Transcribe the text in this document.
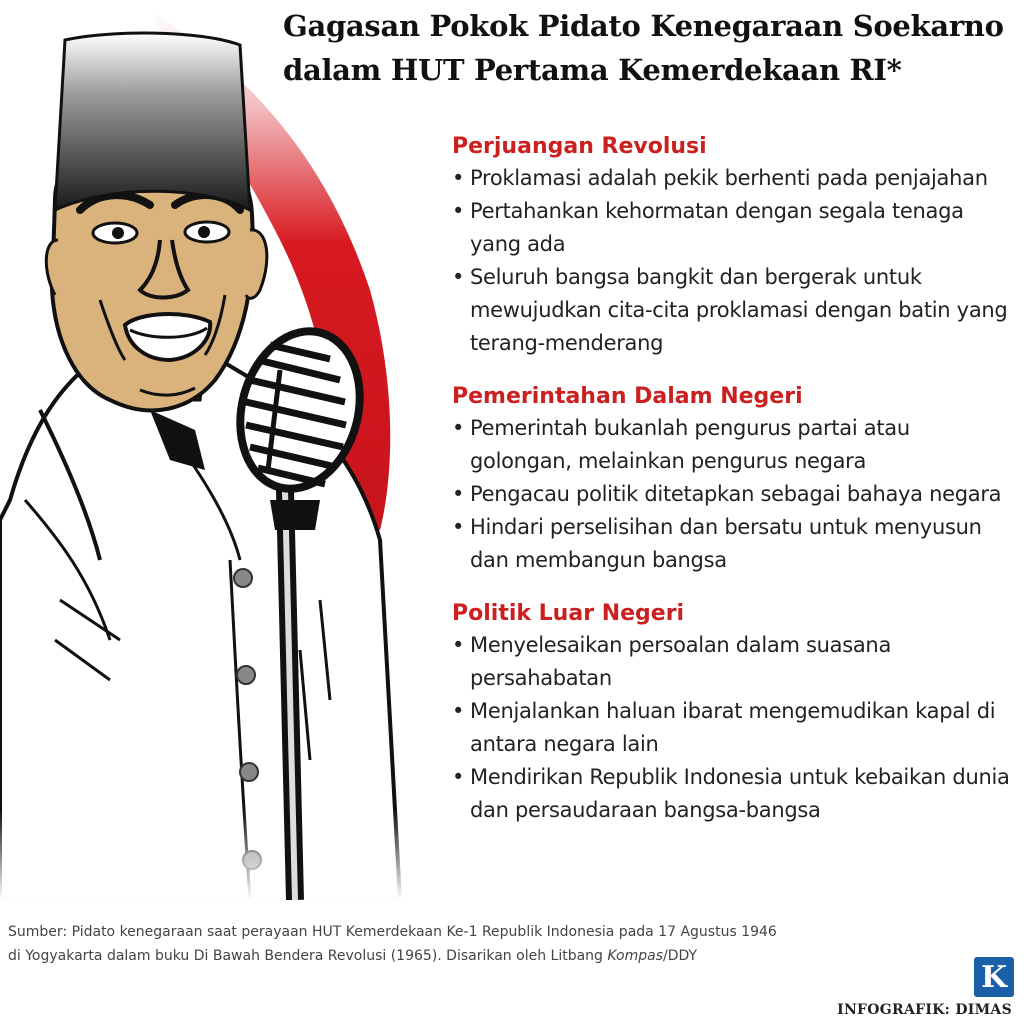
Gagasan Pokok Pidato Kenegaraan Soekarno
dalam HUT Pertama Kemerdekaan RI*
Perjuangan Revolusi
• Proklamasi adalah pekik berhenti pada penjajahan
• Pertahankan kehormatan dengan segala tenaga yang ada
• Seluruh bangsa bangkit dan bergerak untuk mewujudkan cita-cita proklamasi dengan batin yang terang-menderang
Pemerintahan Dalam Negeri
• Pemerintah bukanlah pengurus partai atau golongan, melainkan pengurus negara
• Pengacau politik ditetapkan sebagai bahaya negara
• Hindari perselisihan dan bersatu untuk menyusun dan membangun bangsa
Politik Luar Negeri
• Menyelesaikan persoalan dalam suasana persahabatan
• Menjalankan haluan ibarat mengemudikan kapal di antara negara lain
• Mendirikan Republik Indonesia untuk kebaikan dunia dan persaudaraan bangsa-bangsa
Sumber: Pidato kenegaraan saat perayaan HUT Kemerdekaan Ke-1 Republik Indonesia pada 17 Agustus 1946
di Yogyakarta dalam buku Di Bawah Bendera Revolusi (1965). Disarikan oleh Litbang Kompas/DDY
K
INFOGRAFIK: DIMAS
